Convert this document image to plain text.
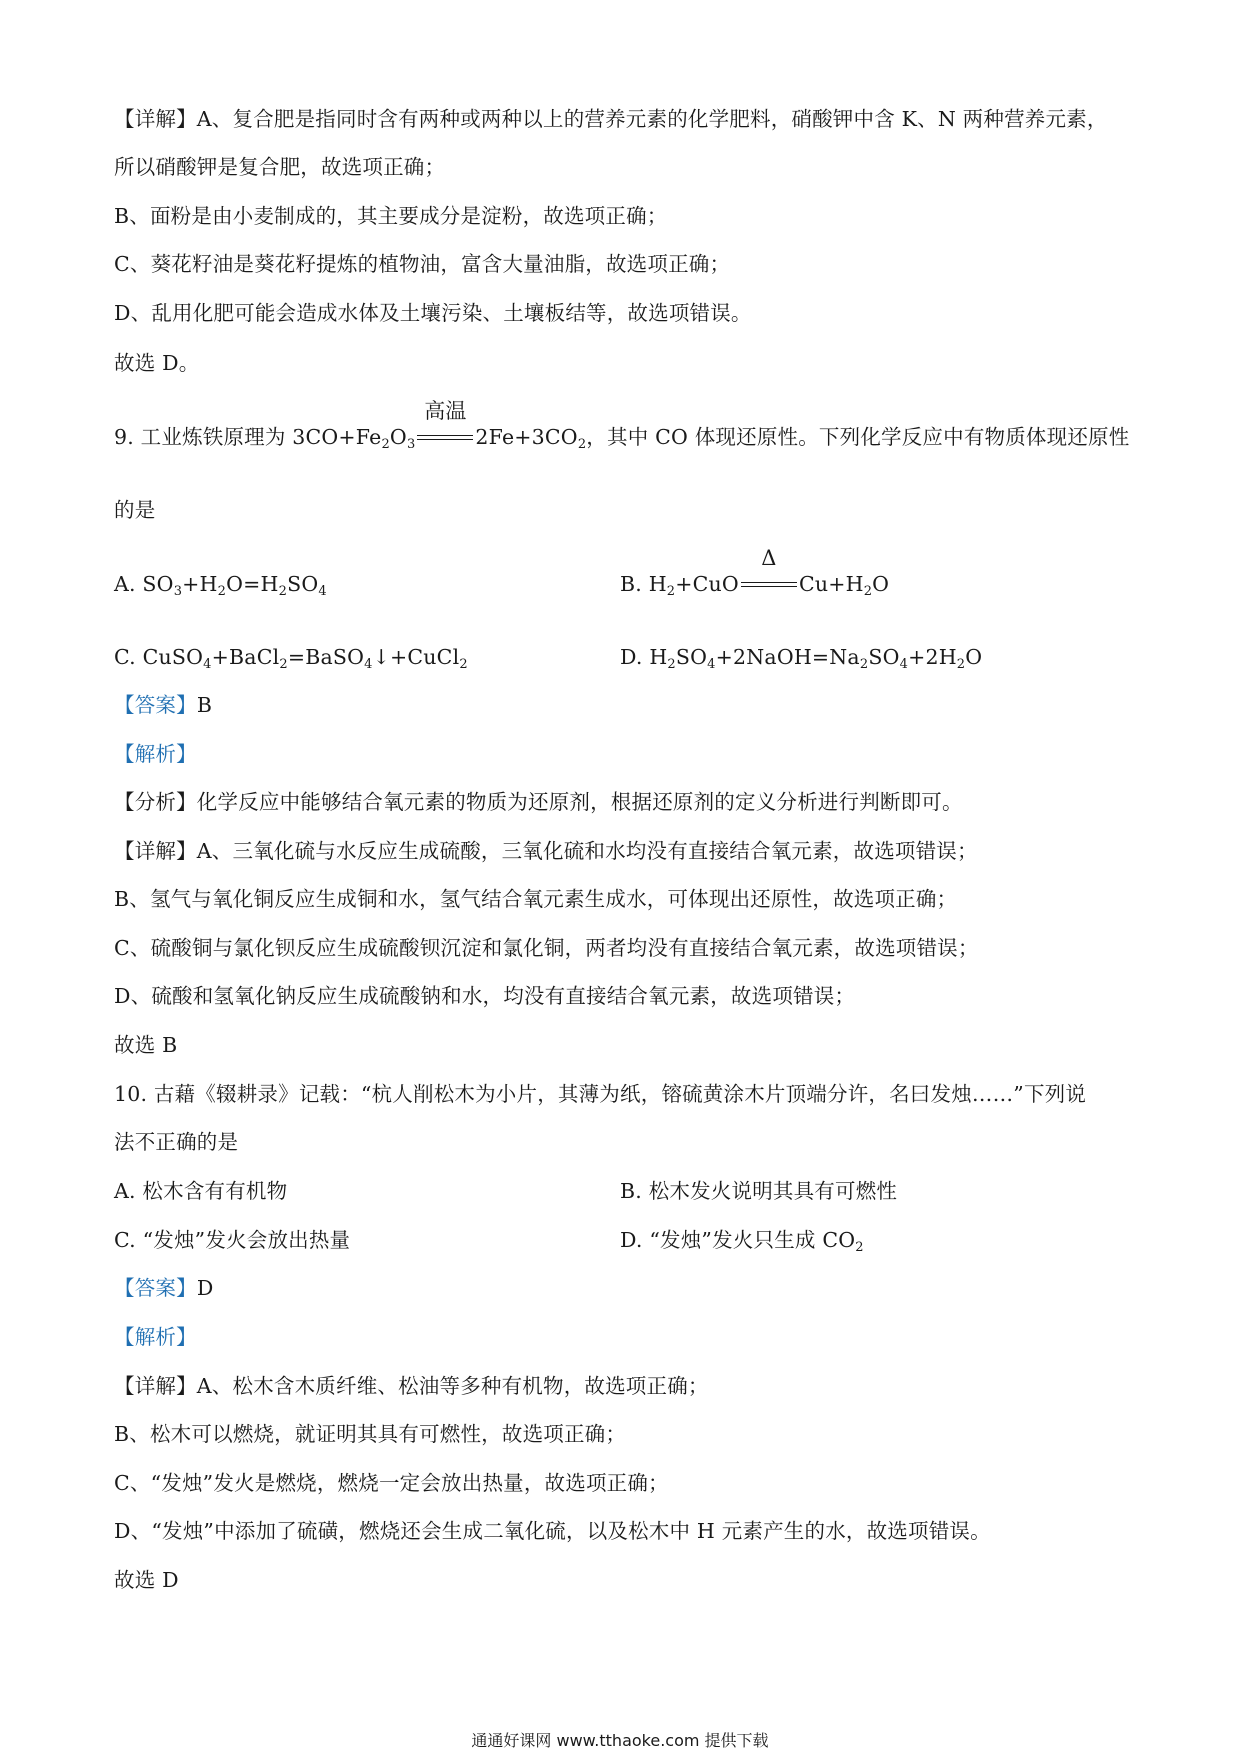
【详解】A、复合肥是指同时含有两种或两种以上的营养元素的化学肥料，硝酸钾中含 K、N 两种营养元素，
所以硝酸钾是复合肥，故选项正确；
B、面粉是由小麦制成的，其主要成分是淀粉，故选项正确；
C、葵花籽油是葵花籽提炼的植物油，富含大量油脂，故选项正确；
D、乱用化肥可能会造成水体及土壤污染、土壤板结等，故选项错误。
故选 D。
9. 工业炼铁原理为 $3CO+Fe_2O_3$
高温
$2Fe+3CO_2$，其中 CO 体现还原性。下列化学反应中有物质体现还原性
的是
A. $SO_3+H_2O=H_2SO_4$	B. $H_2+CuO$
Δ
$Cu+H_2O$
C. CuSO$_4$+BaCl$_2$=BaSO$_4$↓+CuCl$_2$	D. $H_2SO_4+2NaOH=Na_2SO_4+2H_2O$
【答案】B
【解析】
【分析】化学反应中能够结合氧元素的物质为还原剂，根据还原剂的定义分析进行判断即可。
【详解】A、三氧化硫与水反应生成硫酸，三氧化硫和水均没有直接结合氧元素，故选项错误；
B、氢气与氧化铜反应生成铜和水，氢气结合氧元素生成水，可体现出还原性，故选项正确；
C、硫酸铜与氯化钡反应生成硫酸钡沉淀和氯化铜，两者均没有直接结合氧元素，故选项错误；
D、硫酸和氢氧化钠反应生成硫酸钠和水，均没有直接结合氧元素，故选项错误；
故选 B
10. 古藉《辍耕录》记载：“杭人削松木为小片，其薄为纸，镕硫黄涂木片顶端分许，名曰发烛……”下列说
法不正确的是
A. 松木含有有机物	B. 松木发火说明其具有可燃性
C. “发烛”发火会放出热量	D. “发烛”发火只生成 $CO_2$
【答案】D
【解析】
【详解】A、松木含木质纤维、松油等多种有机物，故选项正确；
B、松木可以燃烧，就证明其具有可燃性，故选项正确；
C、“发烛”发火是燃烧，燃烧一定会放出热量，故选项正确；
D、“发烛”中添加了硫磺，燃烧还会生成二氧化硫，以及松木中 H 元素产生的水，故选项错误。
故选 D
通通好课网 www.tthaoke.com 提供下载
